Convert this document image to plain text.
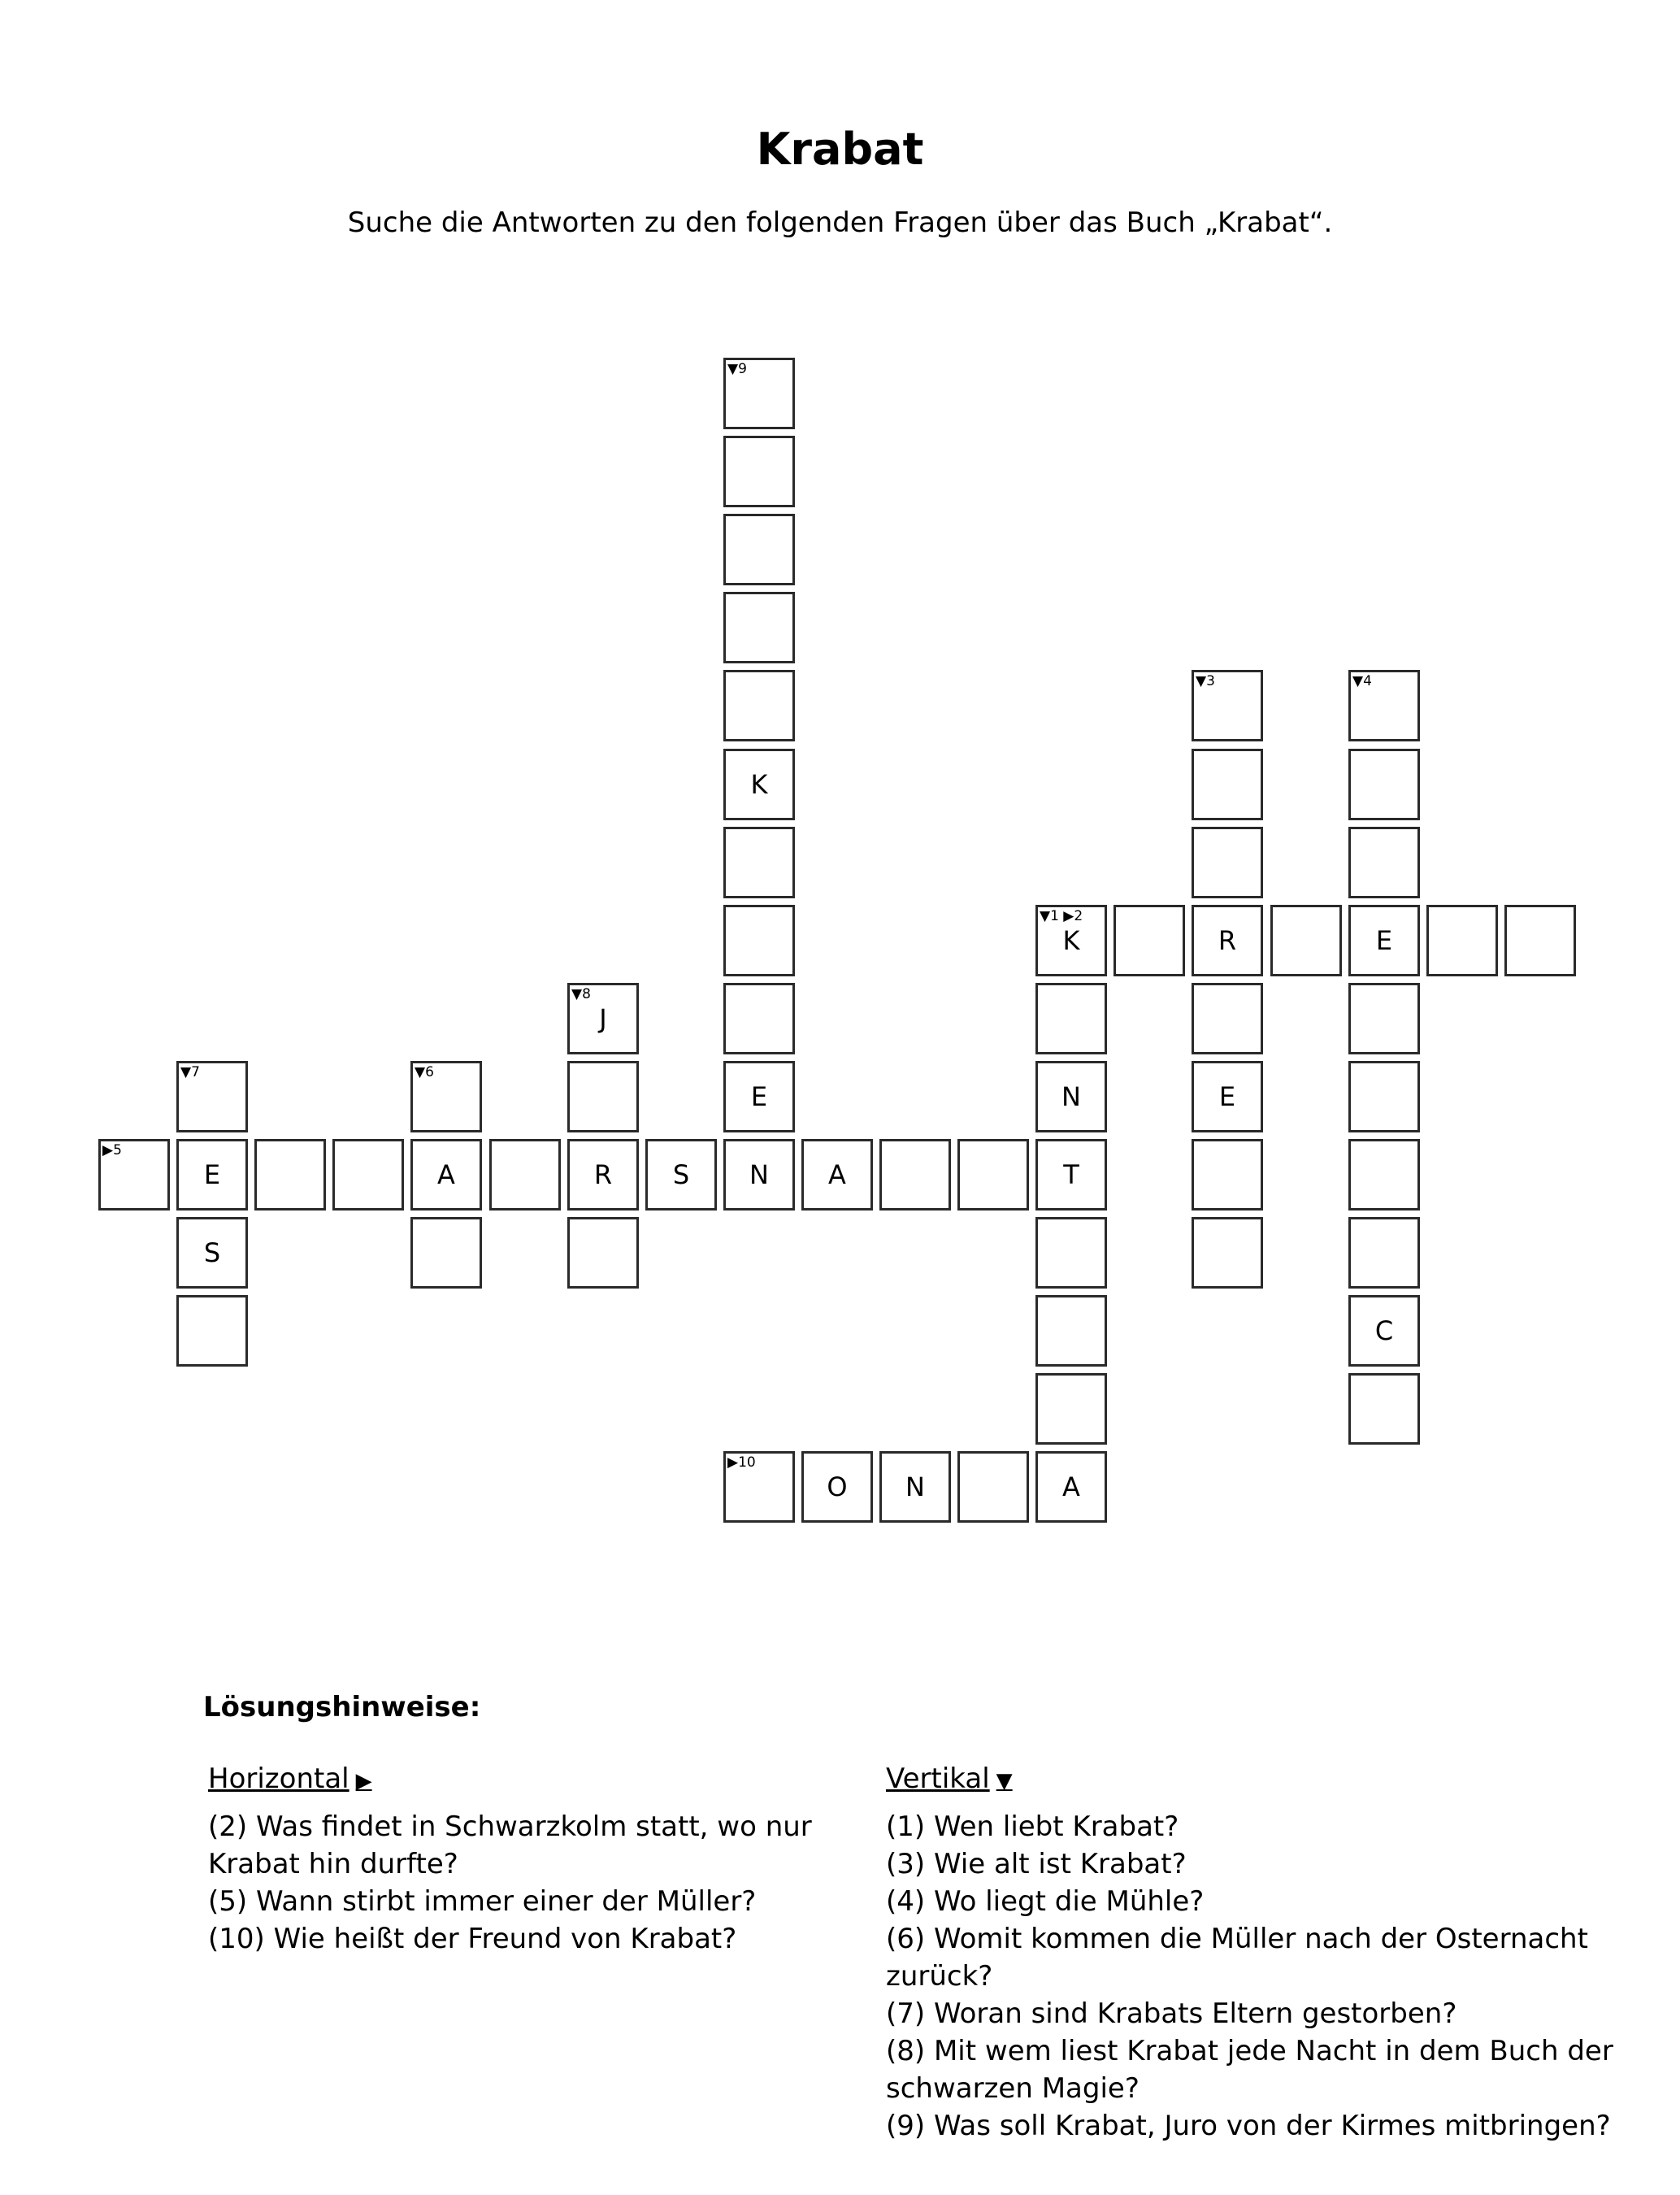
Krabat
Suche die Antworten zu den folgenden Fragen über das Buch „Krabat“.
▼9
K
E
▼3
R
E
▼4
E
C
▼1 ▶2
K
N
T
A
▼8
J
R
▼7
E
S
▼6
A
▶5
S	N	A
▶10
O	N
Lösungshinweise:
Horizontal ▶

(2) Was findet in Schwarzkolm statt, wo nur Krabat hin durfte?

(5) Wann stirbt immer einer der Müller?

(10) Wie heißt der Freund von Krabat?

Vertikal ▼

(1) Wen liebt Krabat?

(3) Wie alt ist Krabat?

(4) Wo liegt die Mühle?

(6) Womit kommen die Müller nach der Osternacht zurück?

(7) Woran sind Krabats Eltern gestorben?

(8) Mit wem liest Krabat jede Nacht in dem Buch der schwarzen Magie?

(9) Was soll Krabat, Juro von der Kirmes mitbringen?
